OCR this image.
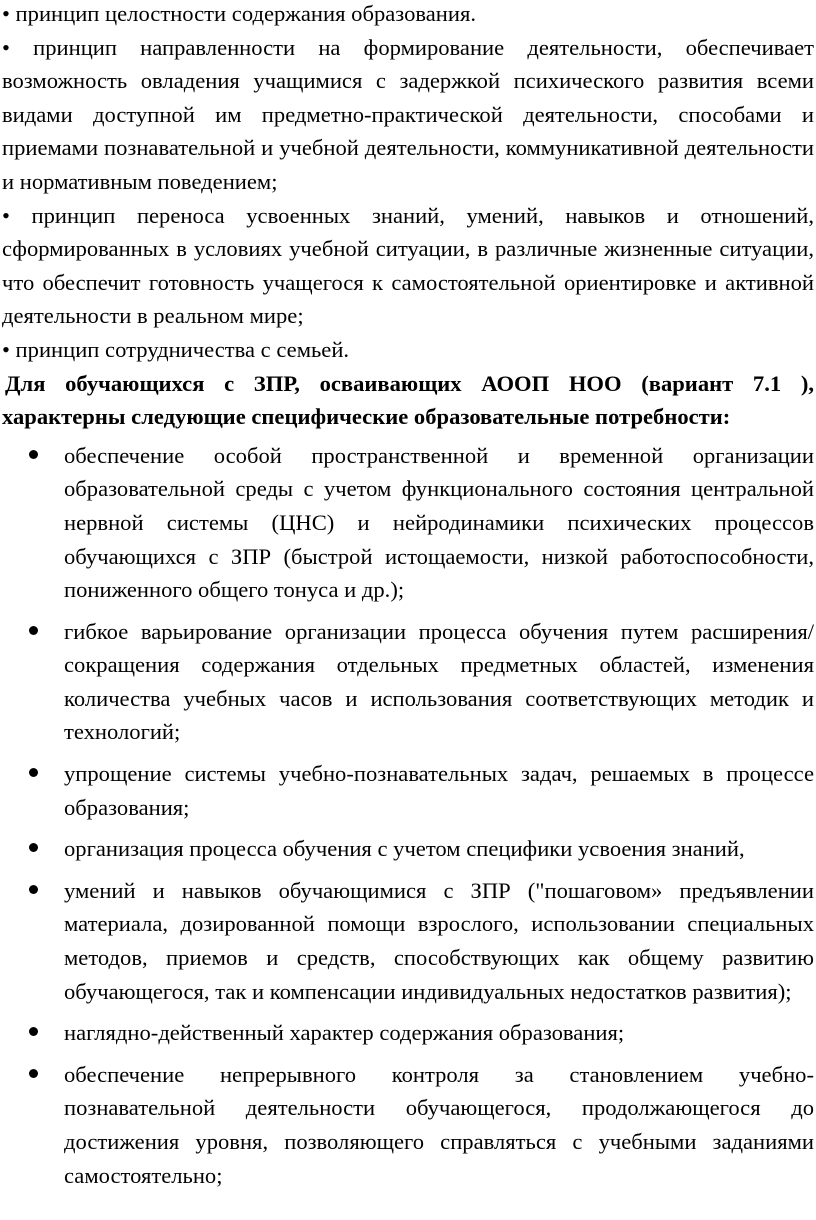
• принцип целостности содержания образования.

• принцип направленности на формирование деятельности, обеспечивает возможность овладения учащимися с задержкой психического развития всеми видами доступной им предметно-практической деятельности, способами и приемами познавательной и учебной деятельности, коммуникативной деятельности и нормативным поведением;

• принцип переноса усвоенных знаний, умений, навыков и отношений, сформированных в условиях учебной ситуации, в различные жизненные ситуации, что обеспечит готовность учащегося к самостоятельной ориентировке и активной деятельности в реальном мире;

• принцип сотрудничества с семьей.

Для обучающихся с ЗПР, осваивающих АООП НОО (вариант 7.1 ), характерны следующие специфические образовательные потребности:

обеспечение особой пространственной и временной организации образовательной среды с учетом функционального состояния центральной нервной системы (ЦНС) и нейродинамики психических процессов обучающихся с ЗПР (быстрой истощаемости, низкой работоспособности, пониженного общего тонуса и др.);
гибкое варьирование организации процесса обучения путем расширения/сокращения содержания отдельных предметных областей, изменения количества учебных часов и использования соответствующих методик и технологий;
упрощение системы учебно-познавательных задач, решаемых в процессе образования;
организация процесса обучения с учетом специфики усвоения знаний,
умений и навыков обучающимися с ЗПР ("пошаговом» предъявлении материала, дозированной помощи взрослого, использовании специальных методов, приемов и средств, способствующих как общему развитию обучающегося, так и компенсации индивидуальных недостатков развития);
наглядно-действенный характер содержания образования;
обеспечение непрерывного контроля за становлением учебно-познавательной деятельности обучающегося, продолжающегося до достижения уровня, позволяющего справляться с учебными заданиями самостоятельно;
